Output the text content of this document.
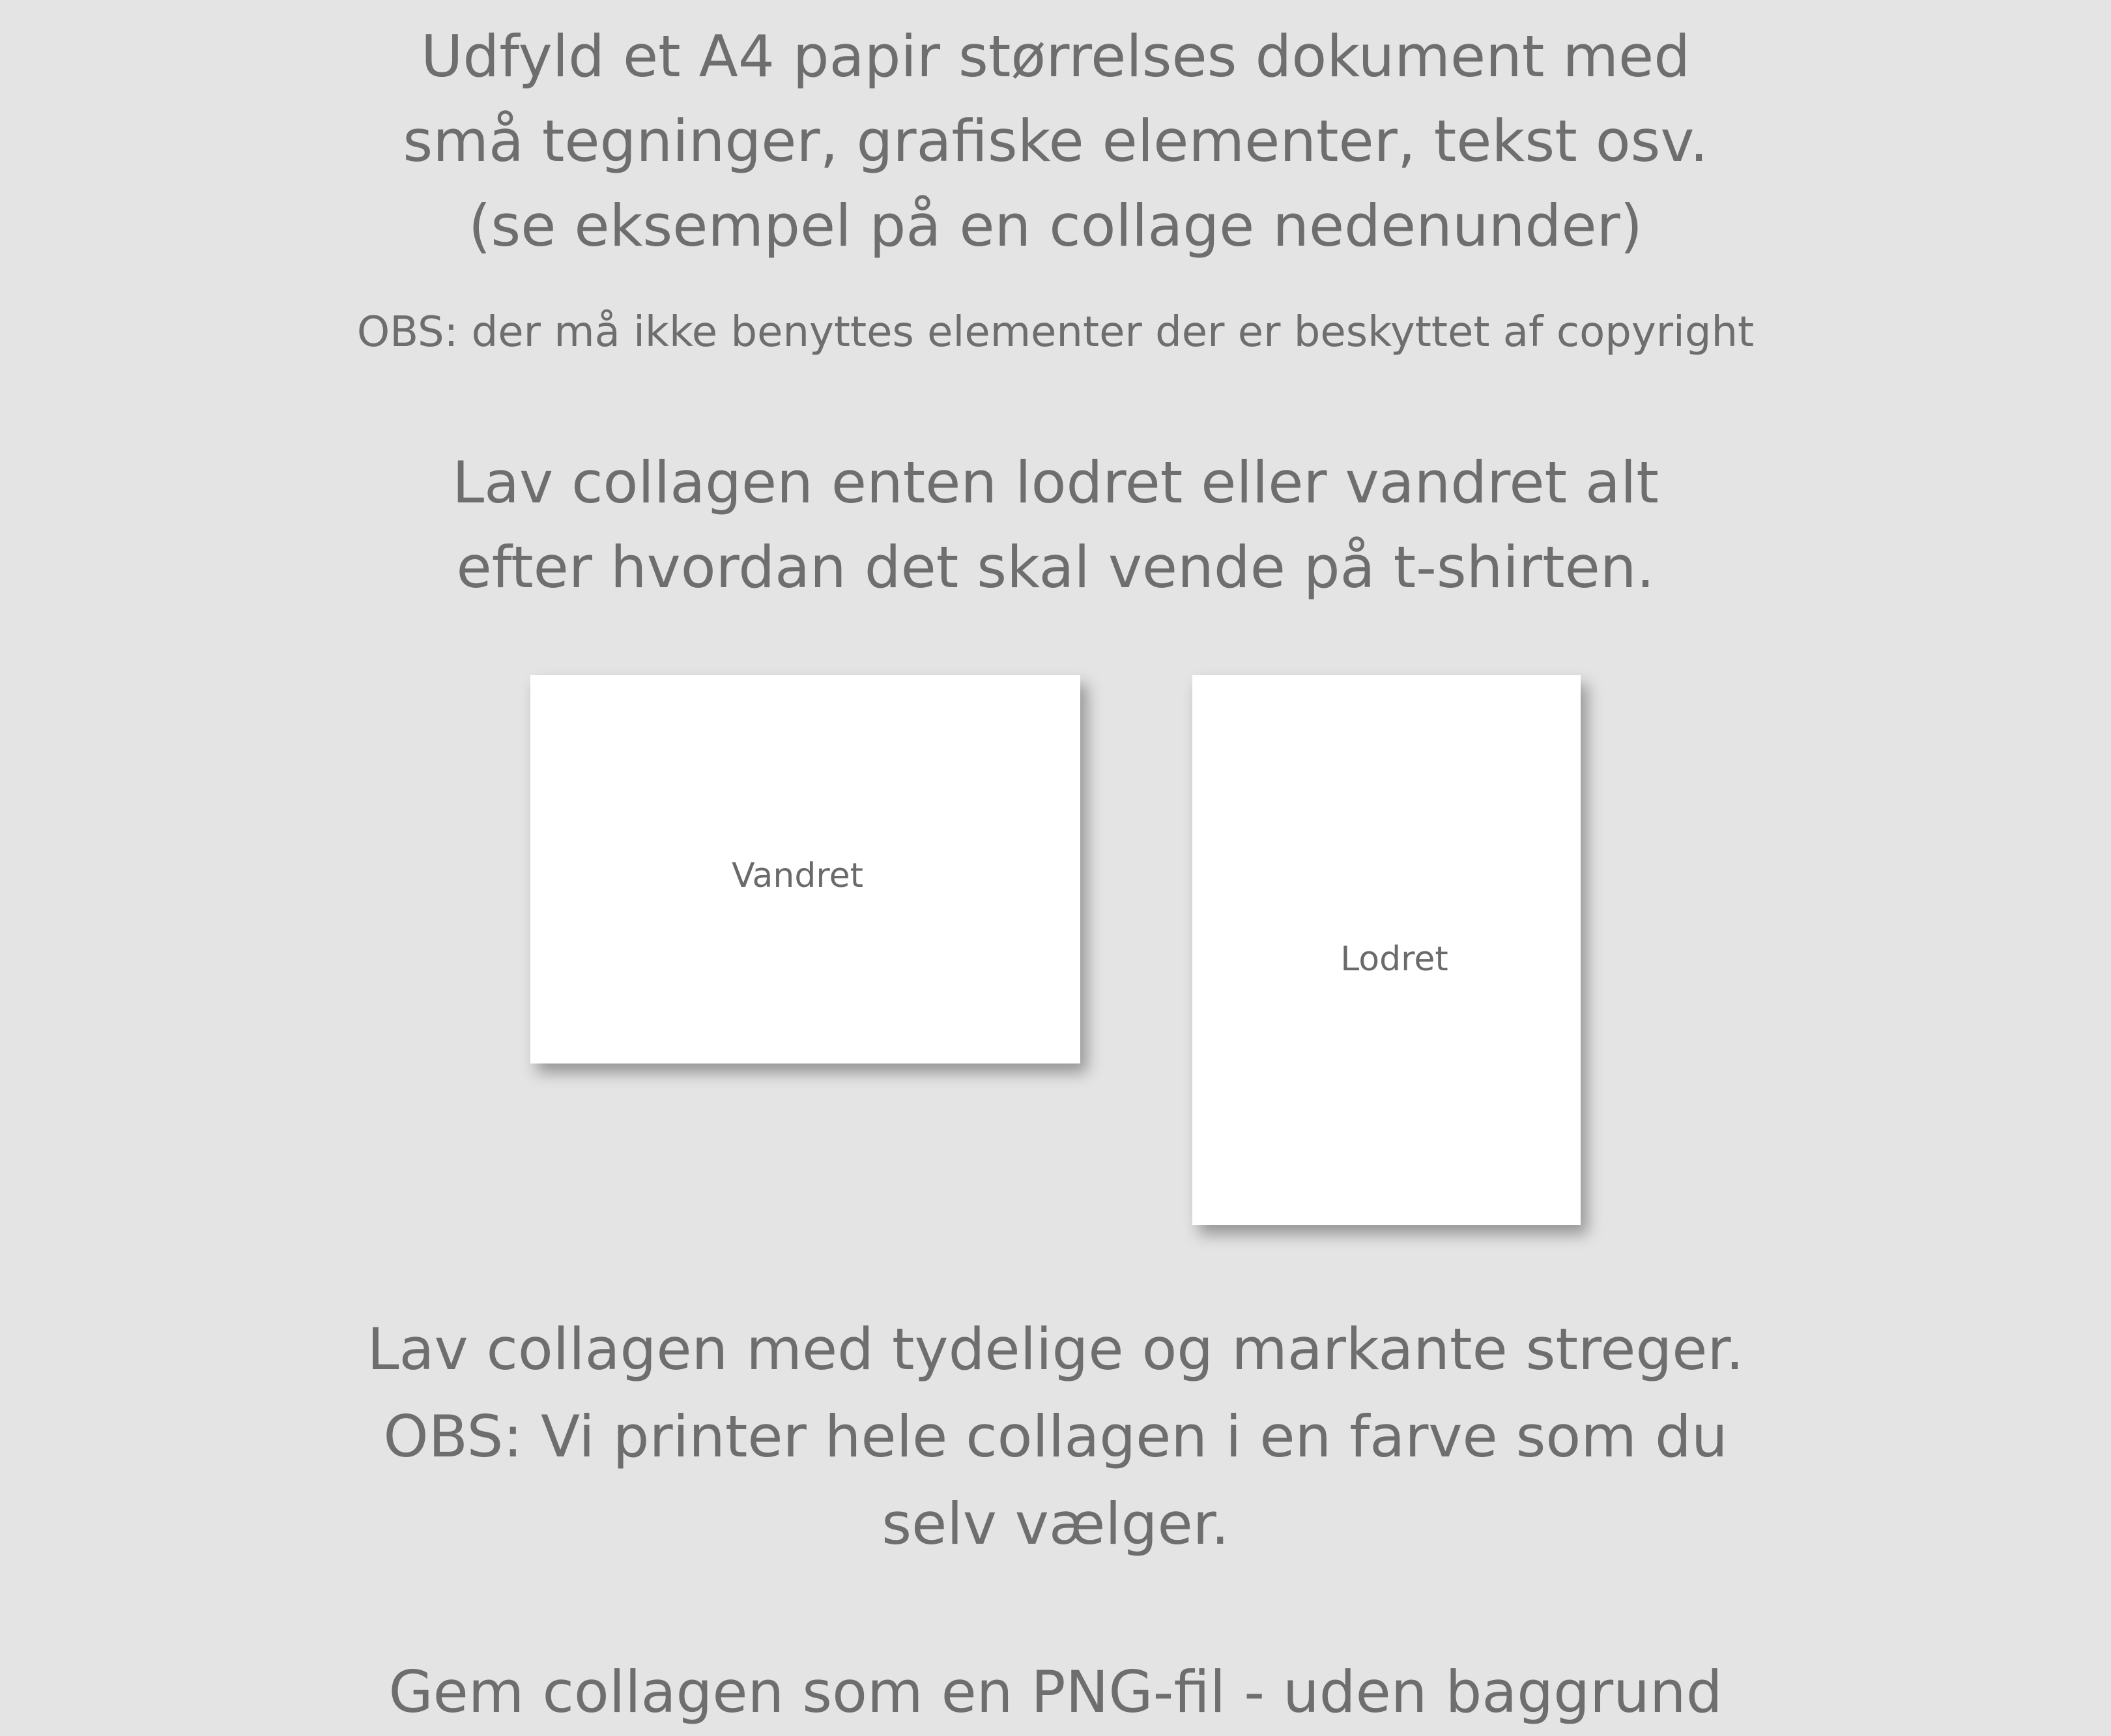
Udfyld et A4 papir størrelses dokument med

små tegninger, grafiske elementer, tekst osv.

(se eksempel på en collage nedenunder)

OBS: der må ikke benyttes elementer der er beskyttet af copyright

Lav collagen enten lodret eller vandret alt

efter hvordan det skal vende på t-shirten.

Vandret
Lodret

Lav collagen med tydelige og markante streger.

OBS: Vi printer hele collagen i en farve som du

selv vælger.

Gem collagen som en PNG-fil - uden baggrund
